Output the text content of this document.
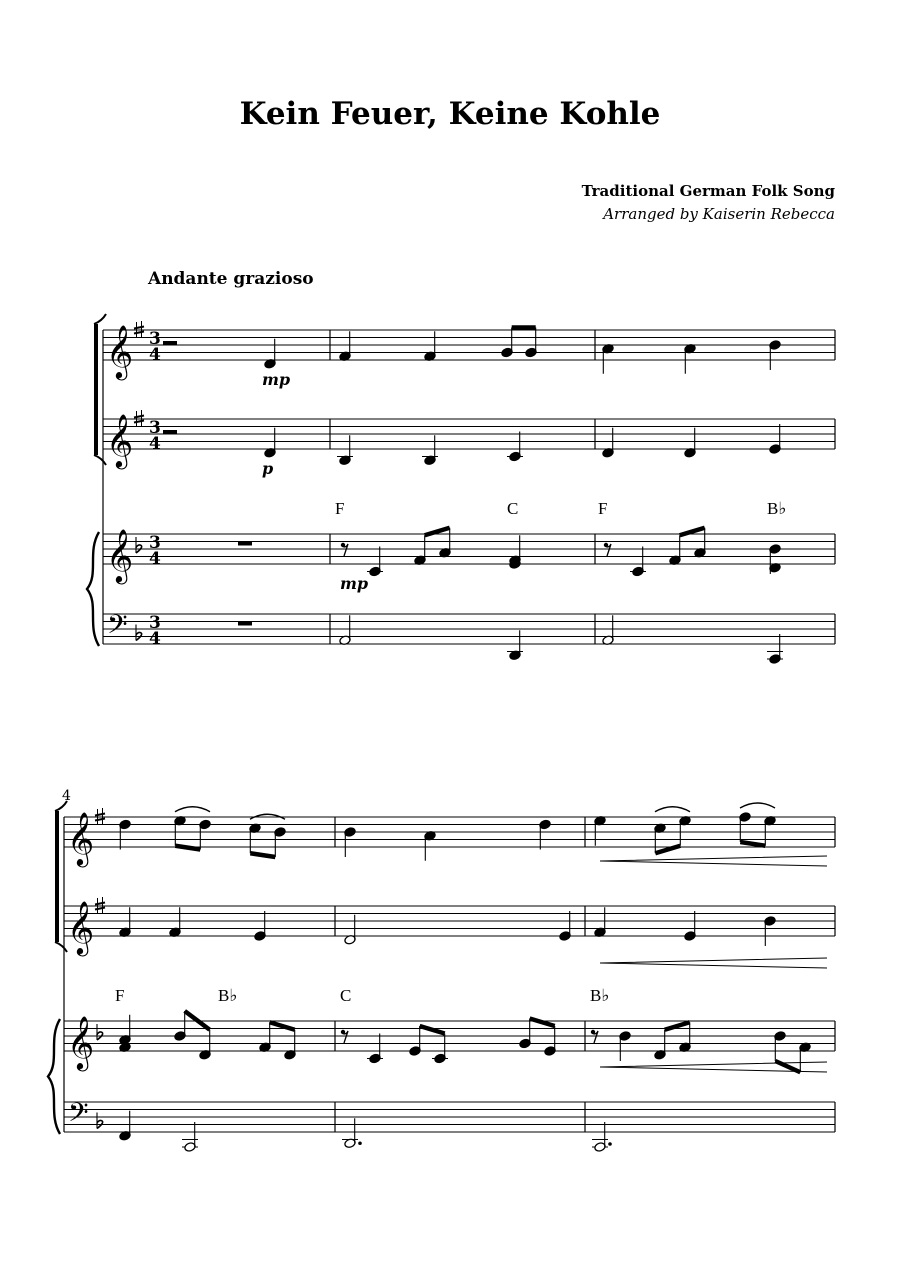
Kein Feuer, Keine Kohle
Traditional German Folk Song
Arranged by Kaiserin Rebecca
Andante grazioso
𝄞 3
4
𝄞 3
4
𝄞 3
4
𝄢 3
4
F	C	F	B♭
mp
p
mp
𝄞
𝄞
𝄞
𝄢
4
F	B♭	C	B♭
